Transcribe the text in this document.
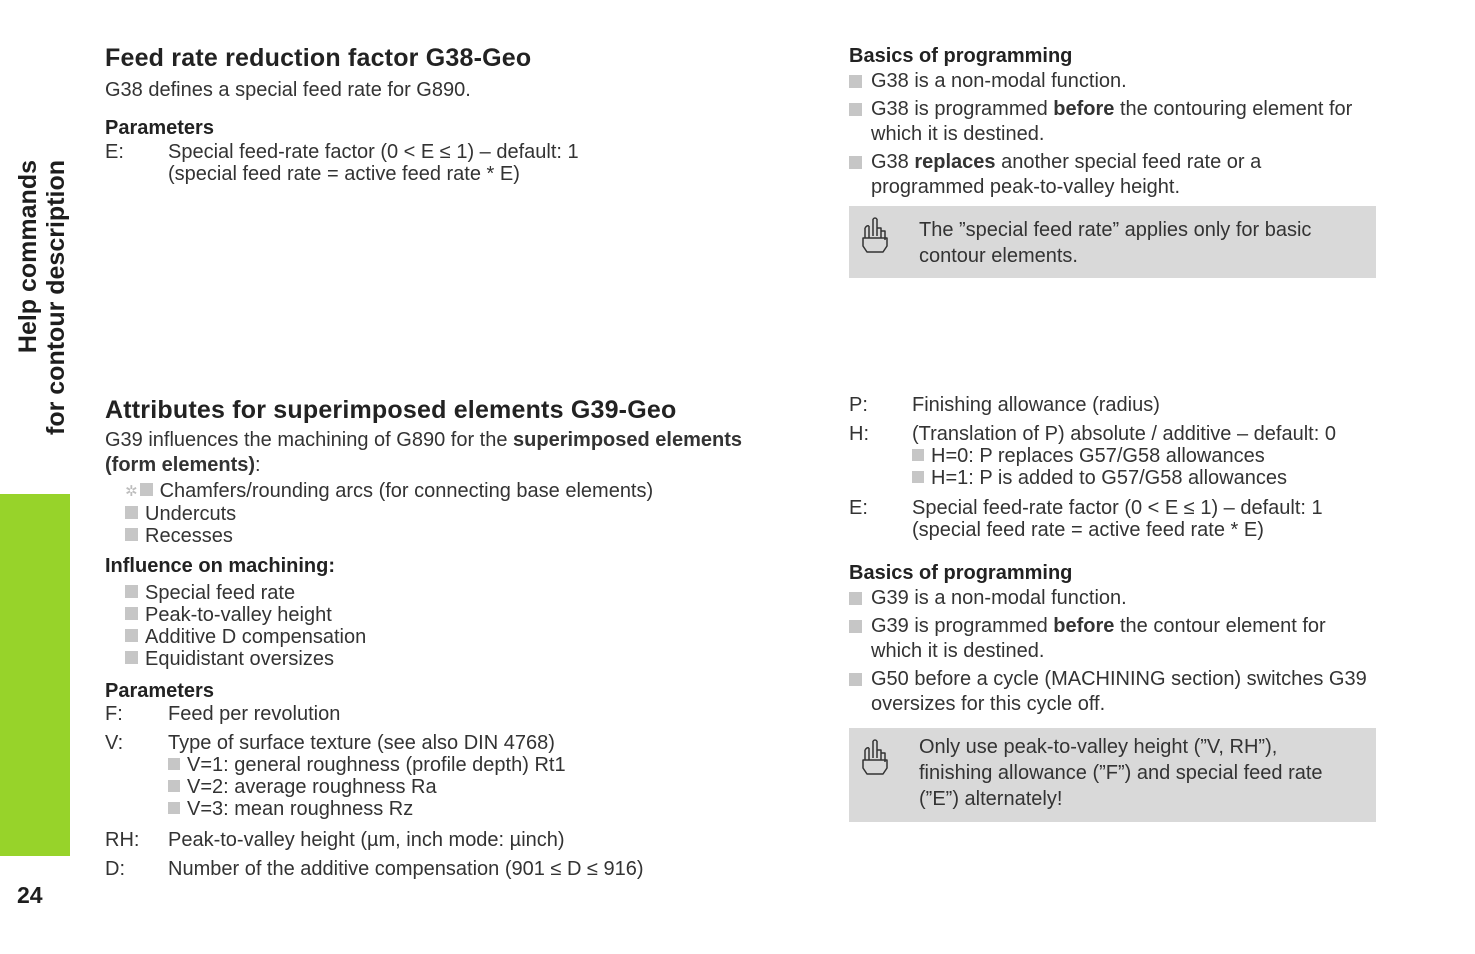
Help commands for contour description
24
Feed rate reduction factor G38-Geo
G38 defines a special feed rate for G890.
Parameters
E: Special feed-rate factor (0 < E ≤ 1) – default: 1
(special feed rate = active feed rate * E)
Basics of programming
G38 is a non-modal function.
G38 is programmed before the contouring element for which it is destined.
G38 replaces another special feed rate or a programmed peak-to-valley height.
The ”special feed rate” applies only for basic contour elements.
Attributes for superimposed elements G39-Geo
G39 influences the machining of G890 for the superimposed elements (form elements):
✲ Chamfers/rounding arcs (for connecting base elements)
Undercuts
Recesses
Influence on machining:
Special feed rate
Peak-to-valley height
Additive D compensation
Equidistant oversizes
Parameters
F: Feed per revolution
V: Type of surface texture (see also DIN 4768)
V=1: general roughness (profile depth) Rt1
V=2: average roughness Ra
V=3: mean roughness Rz
RH: Peak-to-valley height (µm, inch mode: µinch)
D: Number of the additive compensation (901 ≤ D ≤ 916)
P: Finishing allowance (radius)
H: (Translation of P) absolute / additive – default: 0
H=0: P replaces G57/G58 allowances
H=1: P is added to G57/G58 allowances
E: Special feed-rate factor (0 < E ≤ 1) – default: 1
(special feed rate = active feed rate * E)
Basics of programming
G39 is a non-modal function.
G39 is programmed before the contour element for which it is destined.
G50 before a cycle (MACHINING section) switches G39 oversizes for this cycle off.
Only use peak-to-valley height (”V, RH”), finishing allowance (”F”) and special feed rate (”E”) alternately!
